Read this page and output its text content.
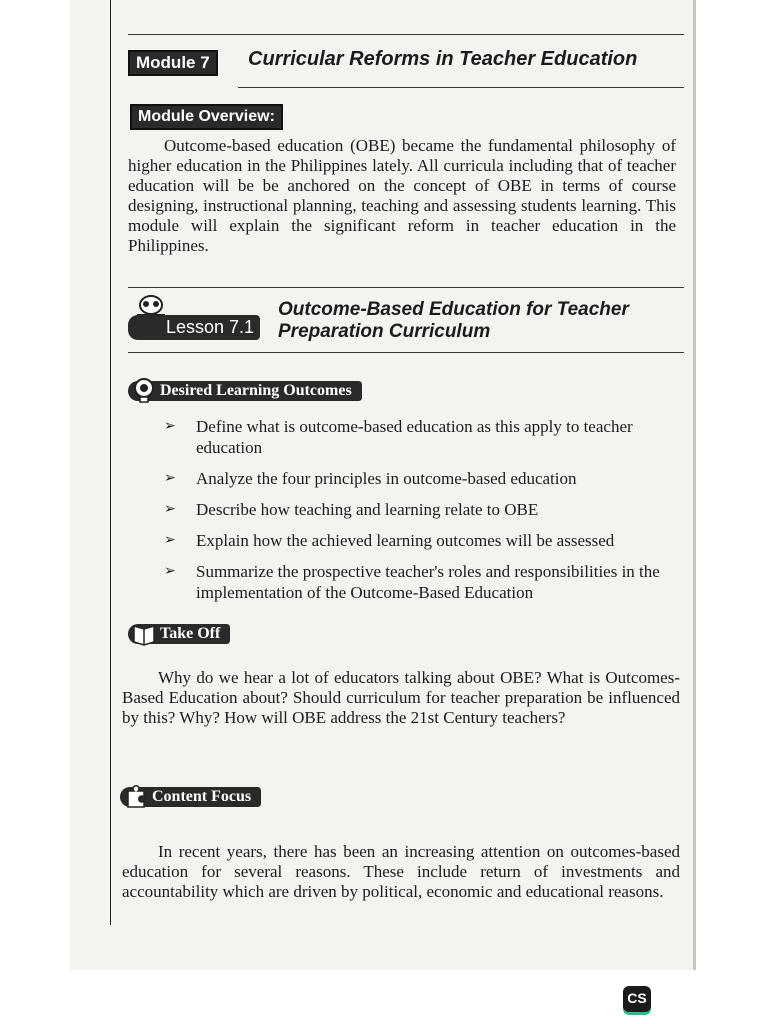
Module 7	Curricular Reforms in Teacher Education
Module Overview:
Outcome-based education (OBE) became the fundamental philosophy of higher education in the Philippines lately. All curricula including that of teacher education will be be anchored on the concept of OBE in terms of course designing, instructional planning, teaching and assessing students learning. This module will explain the significant reform in teacher education in the Philippines.
Lesson 7.1
Outcome-Based Education for Teacher
Preparation Curriculum
Desired Learning Outcomes
➢ Define what is outcome-based education as this apply to teacher education
➢ Analyze the four principles in outcome-based education
➢ Describe how teaching and learning relate to OBE
➢ Explain how the achieved learning outcomes will be assessed
➢ Summarize the prospective teacher's roles and responsibilities in the implementation of the Outcome-Based Education
Take Off
Why do we hear a lot of educators talking about OBE? What is Outcomes-Based Education about? Should curriculum for teacher preparation be influenced by this? Why? How will OBE address the 21st Century teachers?
Content Focus
In recent years, there has been an increasing attention on outcomes-based education for several reasons. These include return of investments and accountability which are driven by political, economic and educational reasons.
CS
